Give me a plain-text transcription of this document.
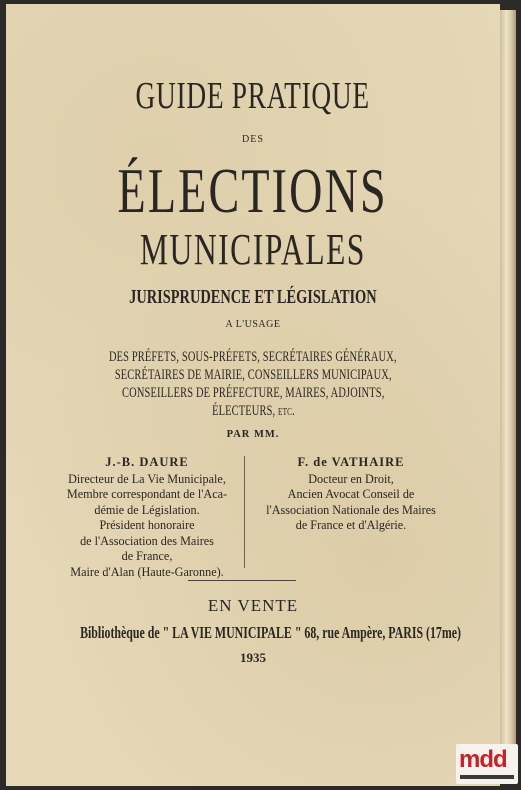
GUIDE PRATIQUE
DES
ÉLECTIONS
MUNICIPALES
JURISPRUDENCE ET LÉGISLATION
A L'USAGE
DES PRÉFETS, SOUS-PRÉFETS, SECRÉTAIRES GÉNÉRAUX,
SECRÉTAIRES DE MAIRIE, CONSEILLERS MUNICIPAUX,
CONSEILLERS DE PRÉFECTURE, MAIRES, ADJOINTS,
ÉLECTEURS, etc.
PAR MM.
J.-B. DAURE
Directeur de La Vie Municipale,
Membre correspondant de l'Aca-
démie de Législation.
Président honoraire
de l'Association des Maires
de France,
Maire d'Alan (Haute-Garonne).
F. de VATHAIRE
Docteur en Droit,
Ancien Avocat Conseil de
l'Association Nationale des Maires
de France et d'Algérie.
EN VENTE
Bibliothèque de " LA VIE MUNICIPALE " 68, rue Ampère, PARIS (17me)
1935
mdd
